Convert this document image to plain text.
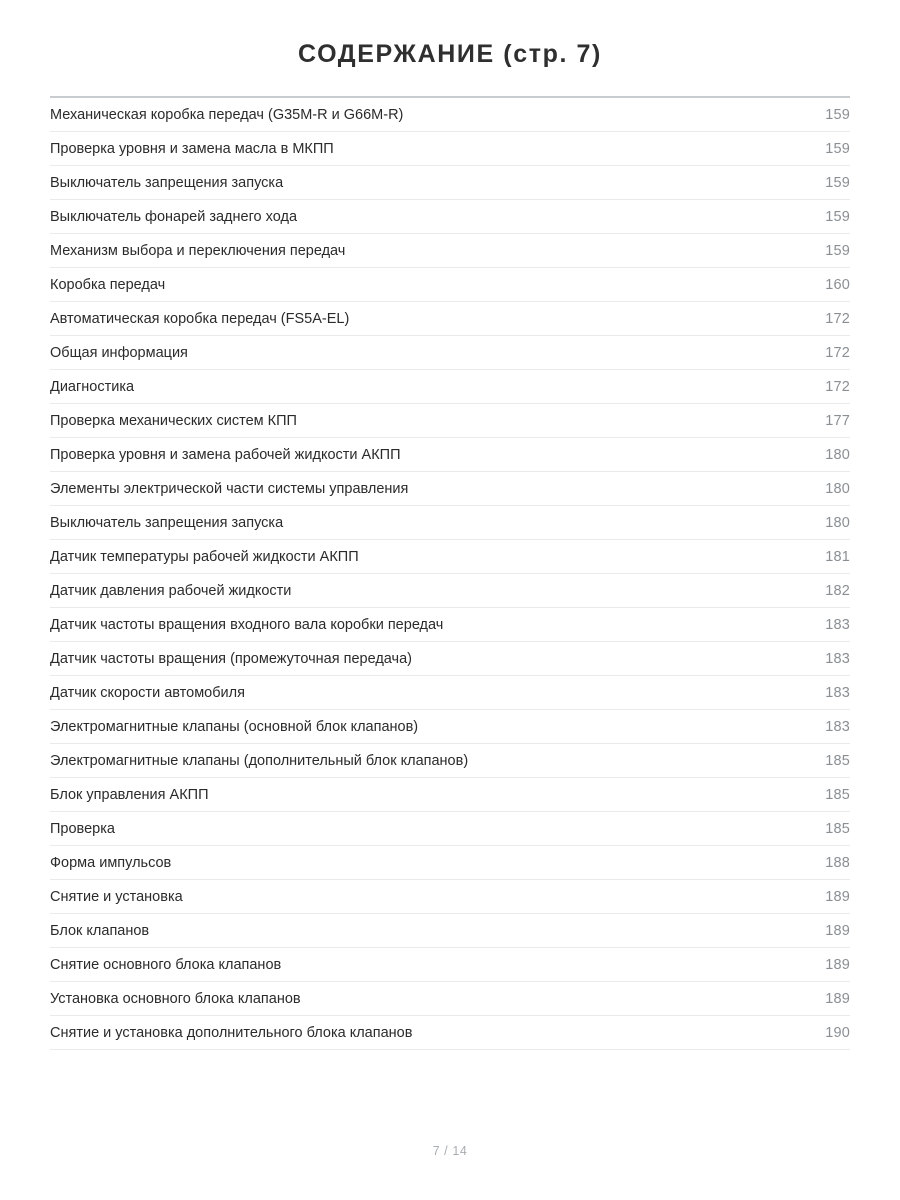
СОДЕРЖАНИЕ (стр. 7)
Механическая коробка передач (G35M-R и G66M-R)	159
Проверка уровня и замена масла в МКПП	159
Выключатель запрещения запуска	159
Выключатель фонарей заднего хода	159
Механизм выбора и переключения передач	159
Коробка передач	160
Автоматическая коробка передач (FS5A-EL)	172
Общая информация	172
Диагностика	172
Проверка механических систем КПП	177
Проверка уровня и замена рабочей жидкости АКПП	180
Элементы электрической части системы управления	180
Выключатель запрещения запуска	180
Датчик температуры рабочей жидкости АКПП	181
Датчик давления рабочей жидкости	182
Датчик частоты вращения входного вала коробки передач	183
Датчик частоты вращения (промежуточная передача)	183
Датчик скорости автомобиля	183
Электромагнитные клапаны (основной блок клапанов)	183
Электромагнитные клапаны (дополнительный блок клапанов)	185
Блок управления АКПП	185
Проверка	185
Форма импульсов	188
Снятие и установка	189
Блок клапанов	189
Снятие основного блока клапанов	189
Установка основного блока клапанов	189
Снятие и установка дополнительного блока клапанов	190
7 / 14
